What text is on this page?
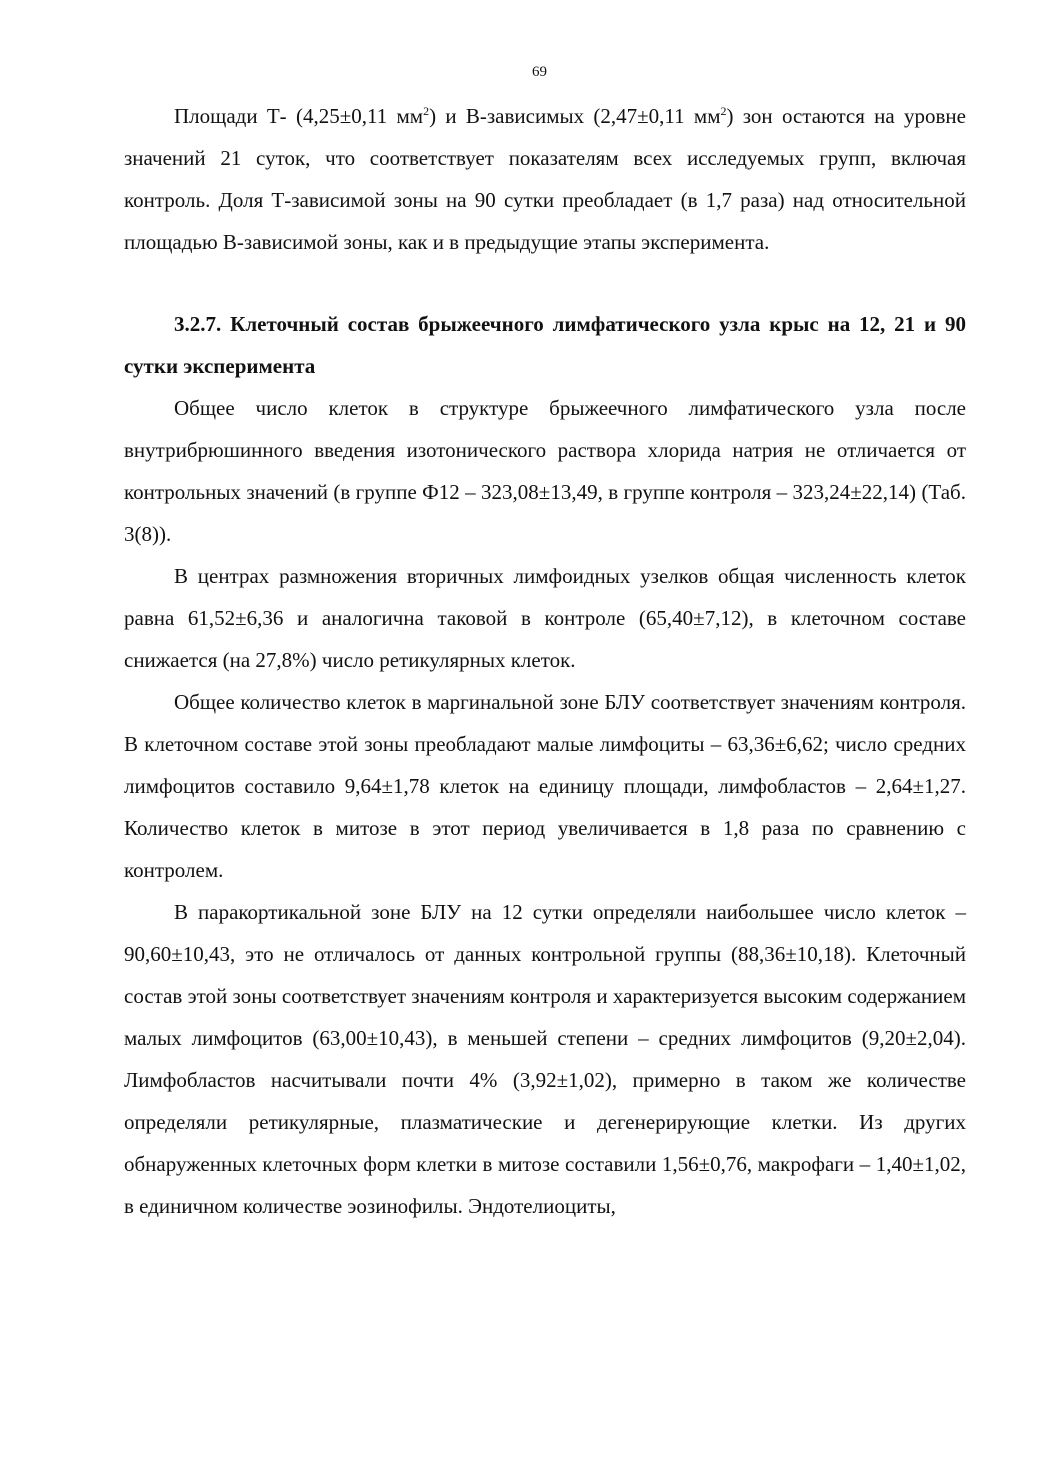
69

Площади Т- (4,25±0,11 $мм^2$) и В-зависимых (2,47±0,11 $мм^2$) зон остаются на уровне значений 21 суток, что соответствует показателям всех исследуемых групп, включая контроль. Доля Т-зависимой зоны на 90 сутки преобладает (в 1,7 раза) над относительной площадью В-зависимой зоны, как и в предыдущие этапы эксперимента.

3.2.7. Клеточный состав брыжеечного лимфатического узла крыс на 12, 21 и 90 сутки эксперимента

Общее число клеток в структуре брыжеечного лимфатического узла после внутрибрюшинного введения изотонического раствора хлорида натрия не отличается от контрольных значений (в группе Ф12 – 323,08±13,49, в группе контроля – 323,24±22,14) (Таб. 3(8)).

В центрах размножения вторичных лимфоидных узелков общая численность клеток равна 61,52±6,36 и аналогична таковой в контроле (65,40±7,12), в клеточном составе снижается (на 27,8%) число ретикулярных клеток.

Общее количество клеток в маргинальной зоне БЛУ соответствует значениям контроля. В клеточном составе этой зоны преобладают малые лимфоциты – 63,36±6,62; число средних лимфоцитов составило 9,64±1,78 клеток на единицу площади, лимфобластов – 2,64±1,27. Количество клеток в митозе в этот период увеличивается в 1,8 раза по сравнению с контролем.

В паракортикальной зоне БЛУ на 12 сутки определяли наибольшее число клеток – 90,60±10,43, это не отличалось от данных контрольной группы (88,36±10,18). Клеточный состав этой зоны соответствует значениям контроля и характеризуется высоким содержанием малых лимфоцитов (63,00±10,43), в меньшей степени – средних лимфоцитов (9,20±2,04). Лимфобластов насчитывали почти 4% (3,92±1,02), примерно в таком же количестве определяли ретикулярные, плазматические и дегенерирующие клетки. Из других обнаруженных клеточных форм клетки в митозе составили 1,56±0,76, макрофаги – 1,40±1,02, в единичном количестве эозинофилы. Эндотелиоциты,
